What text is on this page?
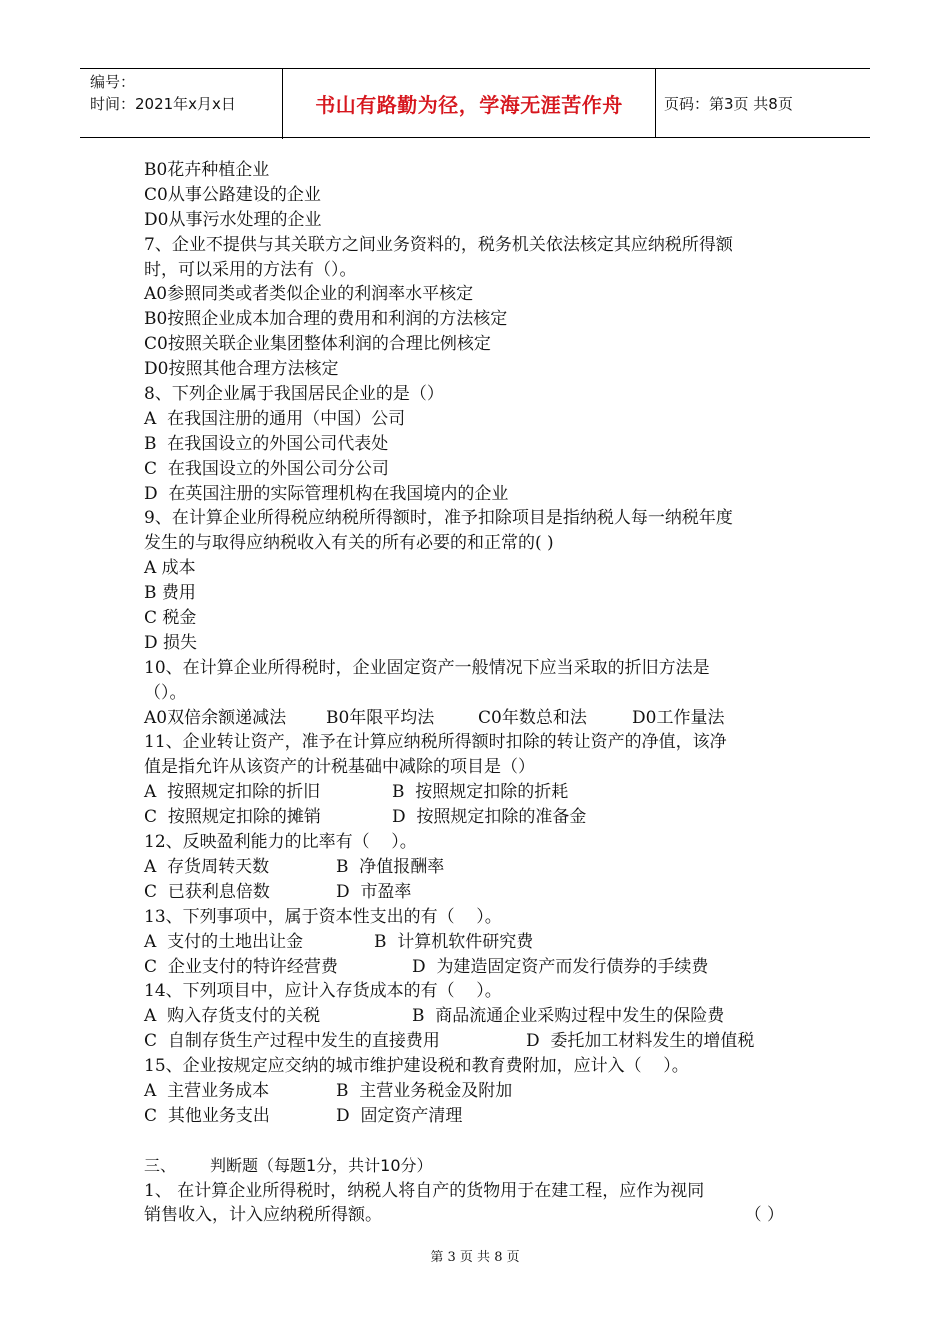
编号：
时间：2021年x月x日	书山有路勤为径，学海无涯苦作舟	页码：第3页 共8页
B0花卉种植企业
C0从事公路建设的企业
D0从事污水处理的企业
7、企业不提供与其关联方之间业务资料的，税务机关依法核定其应纳税所得额
时，可以采用的方法有（）。
A0参照同类或者类似企业的利润率水平核定
B0按照企业成本加合理的费用和利润的方法核定
C0按照关联企业集团整体利润的合理比例核定
D0按照其他合理方法核定
8、下列企业属于我国居民企业的是（）
A  在我国注册的通用（中国）公司
B  在我国设立的外国公司代表处
C  在我国设立的外国公司分公司
D  在英国注册的实际管理机构在我国境内的企业
9、在计算企业所得税应纳税所得额时，准予扣除项目是指纳税人每一纳税年度
发生的与取得应纳税收入有关的所有必要的和正常的( )
A 成本
B 费用
C 税金
D 损失
10、在计算企业所得税时，企业固定资产一般情况下应当采取的折旧方法是
（）。
A0双倍余额递减法	B0年限平均法	C0年数总和法	D0工作量法
11、企业转让资产，准予在计算应纳税所得额时扣除的转让资产的净值，该净
值是指允许从该资产的计税基础中减除的项目是（）
A  按照规定扣除的折旧	B  按照规定扣除的折耗
C  按照规定扣除的摊销	D  按照规定扣除的准备金
12、反映盈利能力的比率有（    ）。
A  存货周转天数	B  净值报酬率
C  已获利息倍数	D  市盈率
13、下列事项中，属于资本性支出的有（    ）。
A  支付的土地出让金	B  计算机软件研究费
C  企业支付的特许经营费	D  为建造固定资产而发行债券的手续费
14、下列项目中，应计入存货成本的有（    ）。
A  购入存货支付的关税	B  商品流通企业采购过程中发生的保险费
C  自制存货生产过程中发生的直接费用	D  委托加工材料发生的增值税
15、企业按规定应交纳的城市维护建设税和教育费附加，应计入（    ）。
A  主营业务成本	B  主营业务税金及附加
C  其他业务支出	D  固定资产清理
三、 判断题（每题1分，共计10分）
1、 在计算企业所得税时，纳税人将自产的货物用于在建工程，应作为视同
销售收入，计入应纳税所得额。	（ ）
第 3 页 共 8 页
